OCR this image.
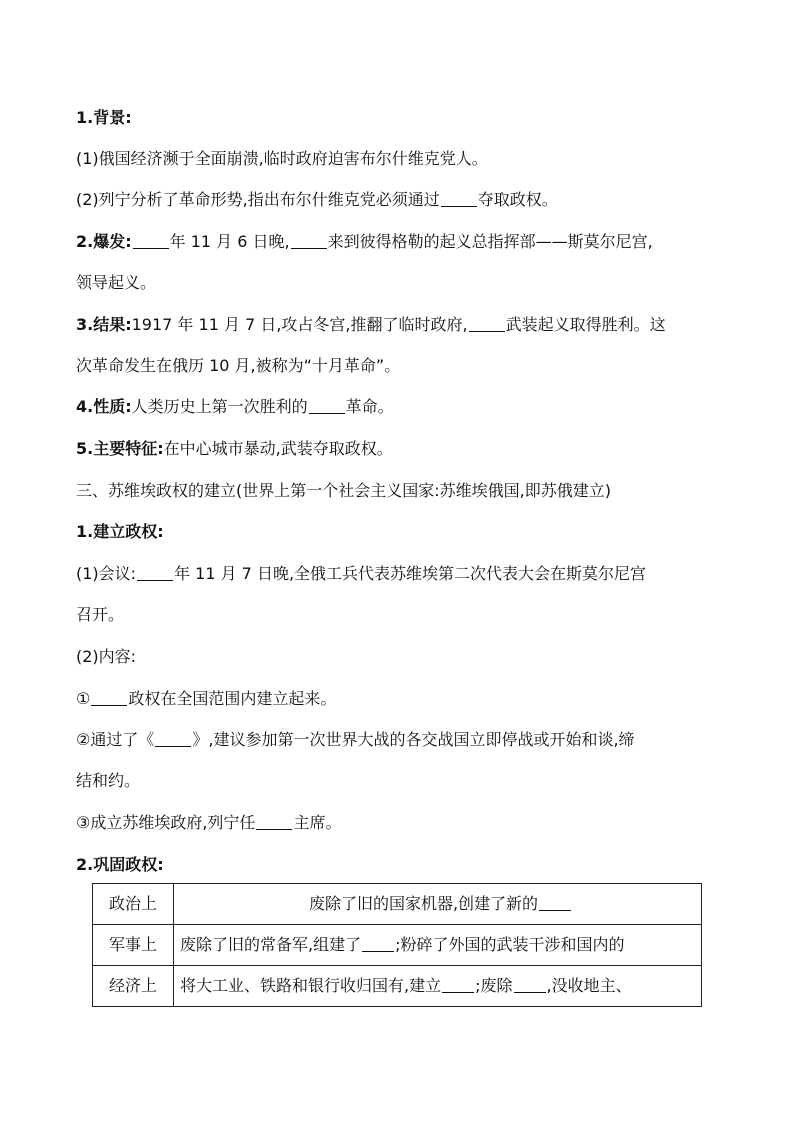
1.背景:
(1)俄国经济濒于全面崩溃,临时政府迫害布尔什维克党人。
(2)列宁分析了革命形势,指出布尔什维克党必须通过 夺取政权。
2.爆发: 年 11 月 6 日晚, 来到彼得格勒的起义总指挥部——斯莫尔尼宫,
领导起义。
3.结果:1917 年 11 月 7 日,攻占冬宫,推翻了临时政府, 武装起义取得胜利。这
次革命发生在俄历 10 月,被称为“十月革命”。
4.性质:人类历史上第一次胜利的 革命。
5.主要特征:在中心城市暴动,武装夺取政权。
三、苏维埃政权的建立(世界上第一个社会主义国家:苏维埃俄国,即苏俄建立)
1.建立政权:
(1)会议: 年 11 月 7 日晚,全俄工兵代表苏维埃第二次代表大会在斯莫尔尼宫
召开。
(2)内容:
① 政权在全国范围内建立起来。
②通过了《 》,建议参加第一次世界大战的各交战国立即停战或开始和谈,缔
结和约。
③成立苏维埃政府,列宁任 主席。
2.巩固政权:
政治上	废除了旧的国家机器,创建了新的
军事上	废除了旧的常备军,组建了 ;粉碎了外国的武装干涉和国内的
经济上	将大工业、铁路和银行收归国有,建立 ;废除 ,没收地主、
